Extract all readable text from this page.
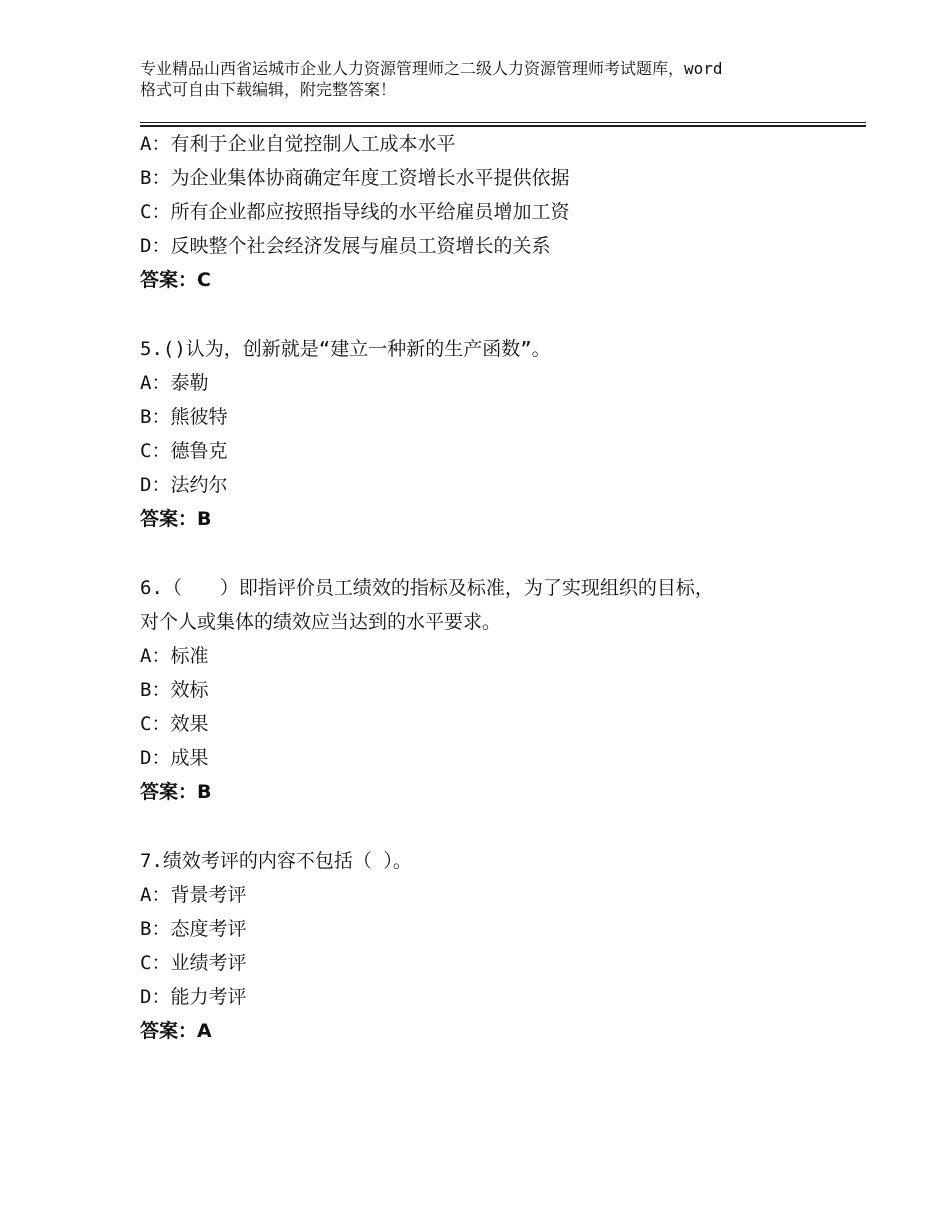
专业精品山西省运城市企业人力资源管理师之二级人力资源管理师考试题库，word
格式可自由下载编辑，附完整答案！
A：有利于企业自觉控制人工成本水平
B：为企业集体协商确定年度工资增长水平提供依据
C：所有企业都应按照指导线的水平给雇员增加工资
D：反映整个社会经济发展与雇员工资增长的关系
答案：C
5.()认为，创新就是“建立一种新的生产函数”。
A：泰勒
B：熊彼特
C：德鲁克
D：法约尔
答案：B
6.（　　）即指评价员工绩效的指标及标准，为了实现组织的目标，
对个人或集体的绩效应当达到的水平要求。
A：标准
B：效标
C：效果
D：成果
答案：B
7.绩效考评的内容不包括（ ）。
A：背景考评
B：态度考评
C：业绩考评
D：能力考评
答案：A
